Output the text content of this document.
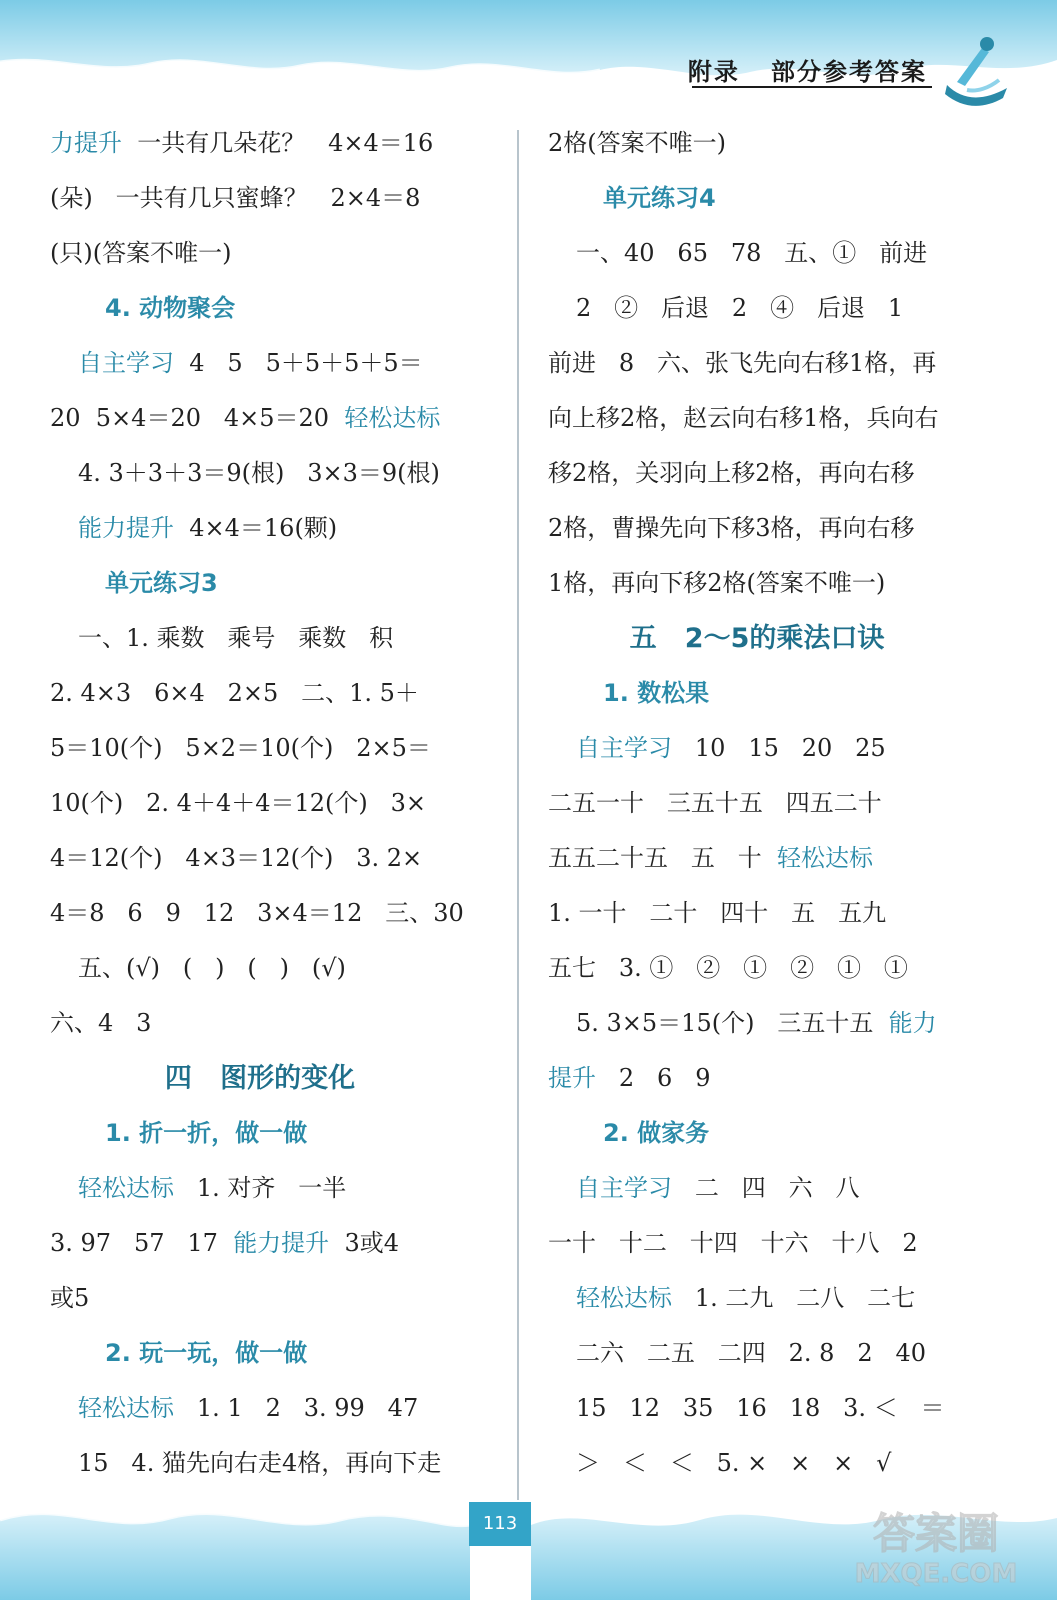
附录   部分参考答案
力提升  一共有几朵花？   4×4＝16
(朵)   一共有几只蜜蜂？   2×4＝8
(只)(答案不唯一)
4. 动物聚会
自主学习  4   5   5＋5＋5＋5＝
20  5×4＝20   4×5＝20  轻松达标
4. 3＋3＋3＝9(根)   3×3＝9(根)
能力提升  4×4＝16(颗)
单元练习3
一、1. 乘数   乘号   乘数   积
2. 4×3   6×4   2×5   二、1. 5＋
5＝10(个)   5×2＝10(个)   2×5＝
10(个)   2. 4＋4＋4＝12(个)   3×
4＝12(个)   4×3＝12(个)   3. 2×
4＝8   6   9   12   3×4＝12   三、30
五、(√)   (   )   (   )   (√)
六、4   3
四   图形的变化
1. 折一折，做一做
轻松达标   1. 对齐   一半
3. 97   57   17  能力提升  3或4
或5
2. 玩一玩，做一做
轻松达标   1. 1   2   3. 99   47
15   4. 猫先向右走4格，再向下走
2格(答案不唯一)
单元练习4
一、40   65   78   五、①   前进
2   ②   后退   2   ④   后退   1
前进   8   六、张飞先向右移1格，再
向上移2格，赵云向右移1格，兵向右
移2格，关羽向上移2格，再向右移
2格，曹操先向下移3格，再向右移
1格，再向下移2格(答案不唯一)
五   2～5的乘法口诀
1. 数松果
自主学习   10   15   20   25
二五一十   三五十五   四五二十
五五二十五   五   十  轻松达标
1. 一十   二十   四十   五   五九
五七   3. ①   ②   ①   ②   ①   ①
5. 3×5＝15(个)   三五十五  能力
提升   2   6   9
2. 做家务
自主学习   二   四   六   八
一十   十二   十四   十六   十八   2
轻松达标   1. 二九   二八   二七
二六   二五   二四   2. 8   2   40
15   12   35   16   18   3. ＜   ＝
＞   ＜   ＜   5. ×   ×   ×   √
113	答案圈
MXQE.COM
